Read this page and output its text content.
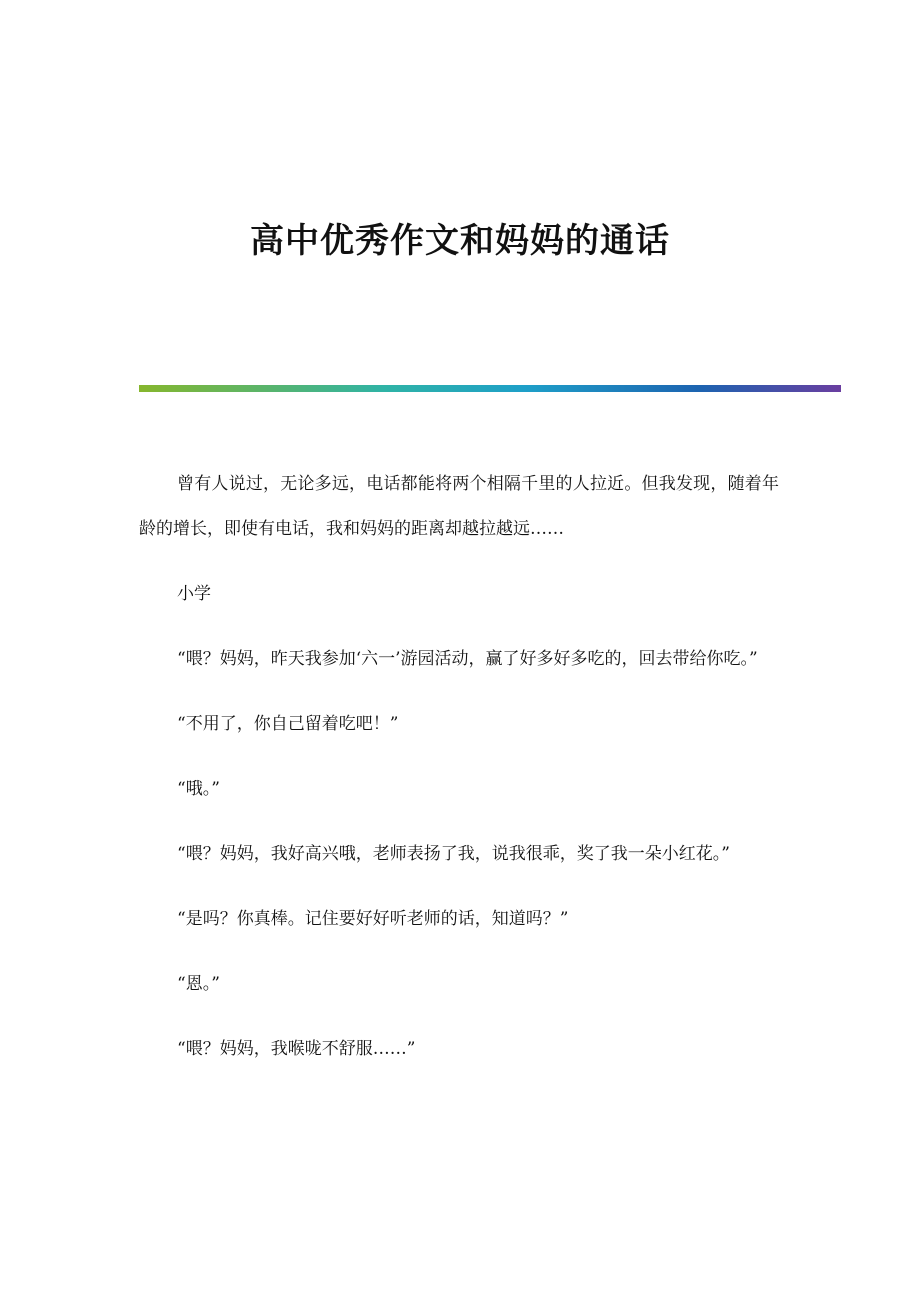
高中优秀作文和妈妈的通话

曾有人说过，无论多远，电话都能将两个相隔千里的人拉近。但我发现，随着年龄的增长，即使有电话，我和妈妈的距离却越拉越远……

小学

“喂？妈妈，昨天我参加‘六一’游园活动，赢了好多好多吃的，回去带给你吃。”

“不用了，你自己留着吃吧！”

“哦。”

“喂？妈妈，我好高兴哦，老师表扬了我，说我很乖，奖了我一朵小红花。”

“是吗？你真棒。记住要好好听老师的话，知道吗？”

“恩。”

“喂？妈妈，我喉咙不舒服……”
